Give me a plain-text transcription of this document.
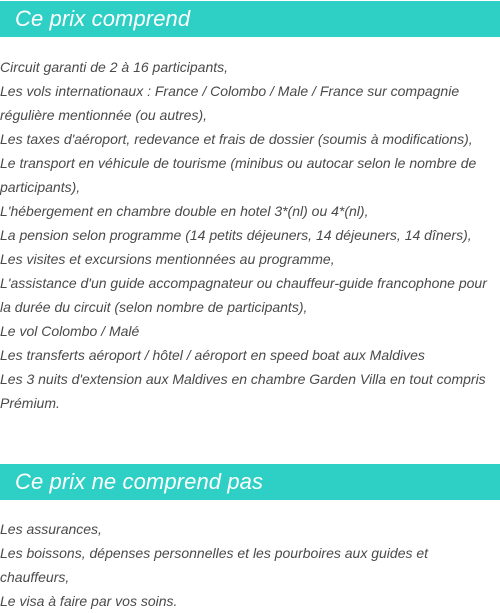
Ce prix comprend
Circuit garanti de 2 à 16 participants,
Les vols internationaux : France / Colombo / Male / France sur compagnie régulière mentionnée (ou autres),
Les taxes d'aéroport, redevance et frais de dossier (soumis à modifications),
Le transport en véhicule de tourisme (minibus ou autocar selon le nombre de participants),
L'hébergement en chambre double en hotel 3*(nl) ou 4*(nl),
La pension selon programme (14 petits déjeuners, 14 déjeuners, 14 dîners),
Les visites et excursions mentionnées au programme,
L'assistance d'un guide accompagnateur ou chauffeur-guide francophone pour la durée du circuit (selon nombre de participants),
Le vol Colombo / Malé
Les transferts aéroport / hôtel / aéroport en speed boat aux Maldives
Les 3 nuits d'extension aux Maldives en chambre Garden Villa en tout compris Prémium.
Ce prix ne comprend pas
Les assurances,
Les boissons, dépenses personnelles et les pourboires aux guides et chauffeurs,
Le visa à faire par vos soins.
